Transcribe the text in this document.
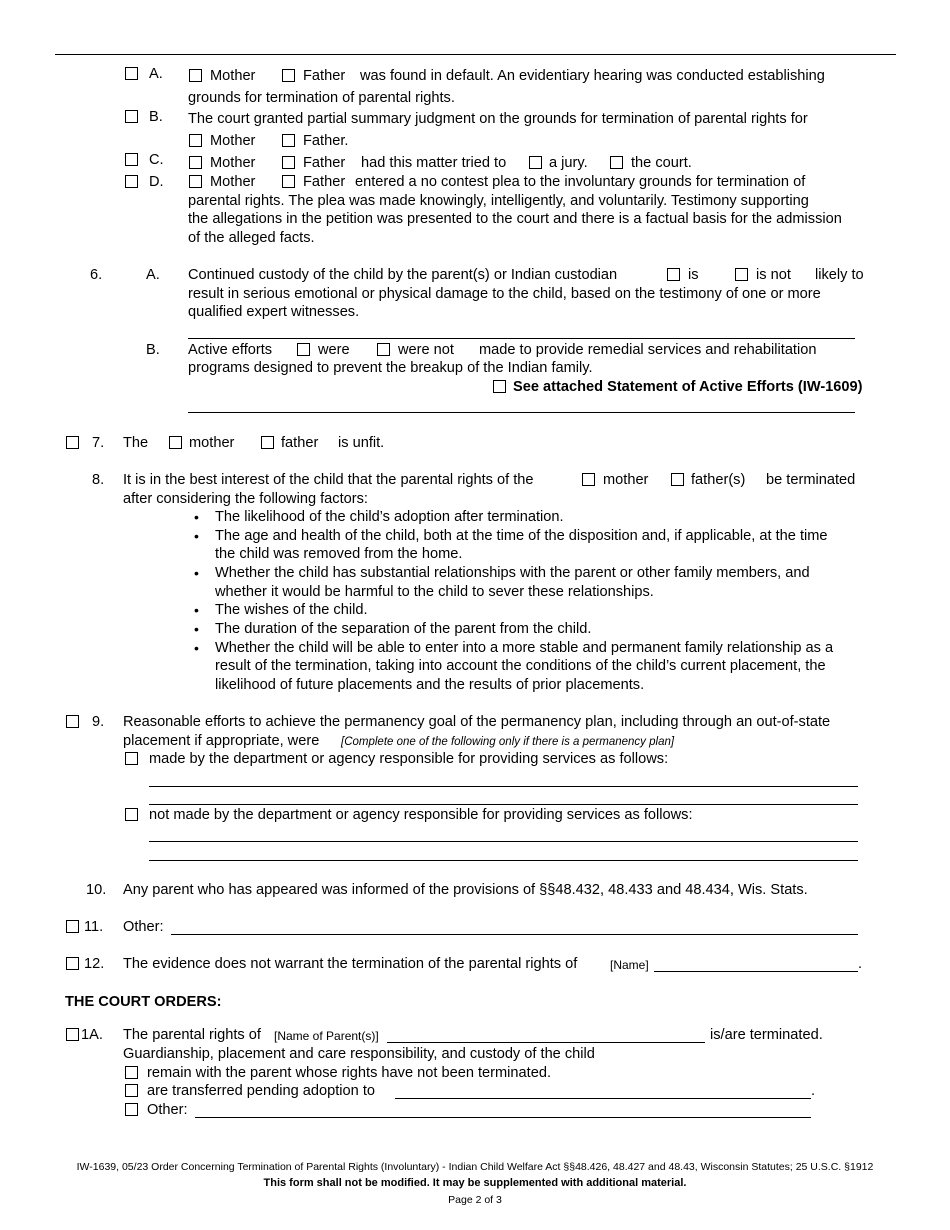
A.	Mother	Father was found in default. An evidentiary hearing was conducted establishing
grounds for termination of parental rights.
B. The court granted partial summary judgment on the grounds for termination of parental rights for
Mother	Father.
C.	Mother	Father had this matter tried to	a jury.	the court.
D.	Mother	Father entered a no contest plea to the involuntary grounds for termination of
parental rights. The plea was made knowingly, intelligently, and voluntarily. Testimony supporting
the allegations in the petition was presented to the court and there is a factual basis for the admission
of the alleged facts.
6.	A. Continued custody of the child by the parent(s) or Indian custodian	is	is not likely to
result in serious emotional or physical damage to the child, based on the testimony of one or more
qualified expert witnesses.
B. Active efforts	were	were not made to provide remedial services and rehabilitation
programs designed to prevent the breakup of the Indian family.
See attached Statement of Active Efforts (IW-1609)
7. The	mother	father is unfit.
8. It is in the best interest of the child that the parental rights of the	mother	father(s) be terminated
after considering the following factors:
• The likelihood of the child’s adoption after termination.
• The age and health of the child, both at the time of the disposition and, if applicable, at the time
the child was removed from the home.
• Whether the child has substantial relationships with the parent or other family members, and
whether it would be harmful to the child to sever these relationships.
• The wishes of the child.
• The duration of the separation of the parent from the child.
• Whether the child will be able to enter into a more stable and permanent family relationship as a
result of the termination, taking into account the conditions of the child’s current placement, the
likelihood of future placements and the results of prior placements.
9. Reasonable efforts to achieve the permanency goal of the permanency plan, including through an out-of-state
placement if appropriate, were [Complete one of the following only if there is a permanency plan]
made by the department or agency responsible for providing services as follows:
not made by the department or agency responsible for providing services as follows:
10. Any parent who has appeared was informed of the provisions of §§48.432, 48.433 and 48.434, Wis. Stats.
11. Other:
12. The evidence does not warrant the termination of the parental rights of	[Name]	.
THE COURT ORDERS:
1A. The parental rights of [Name of Parent(s)]	is/are terminated.
Guardianship, placement and care responsibility, and custody of the child
remain with the parent whose rights have not been terminated.
are transferred pending adoption to	.
Other:
IW-1639, 05/23 Order Concerning Termination of Parental Rights (Involuntary) - Indian Child Welfare Act §§48.426, 48.427 and 48.43, Wisconsin Statutes; 25 U.S.C. §1912
This form shall not be modified. It may be supplemented with additional material.
Page 2 of 3
